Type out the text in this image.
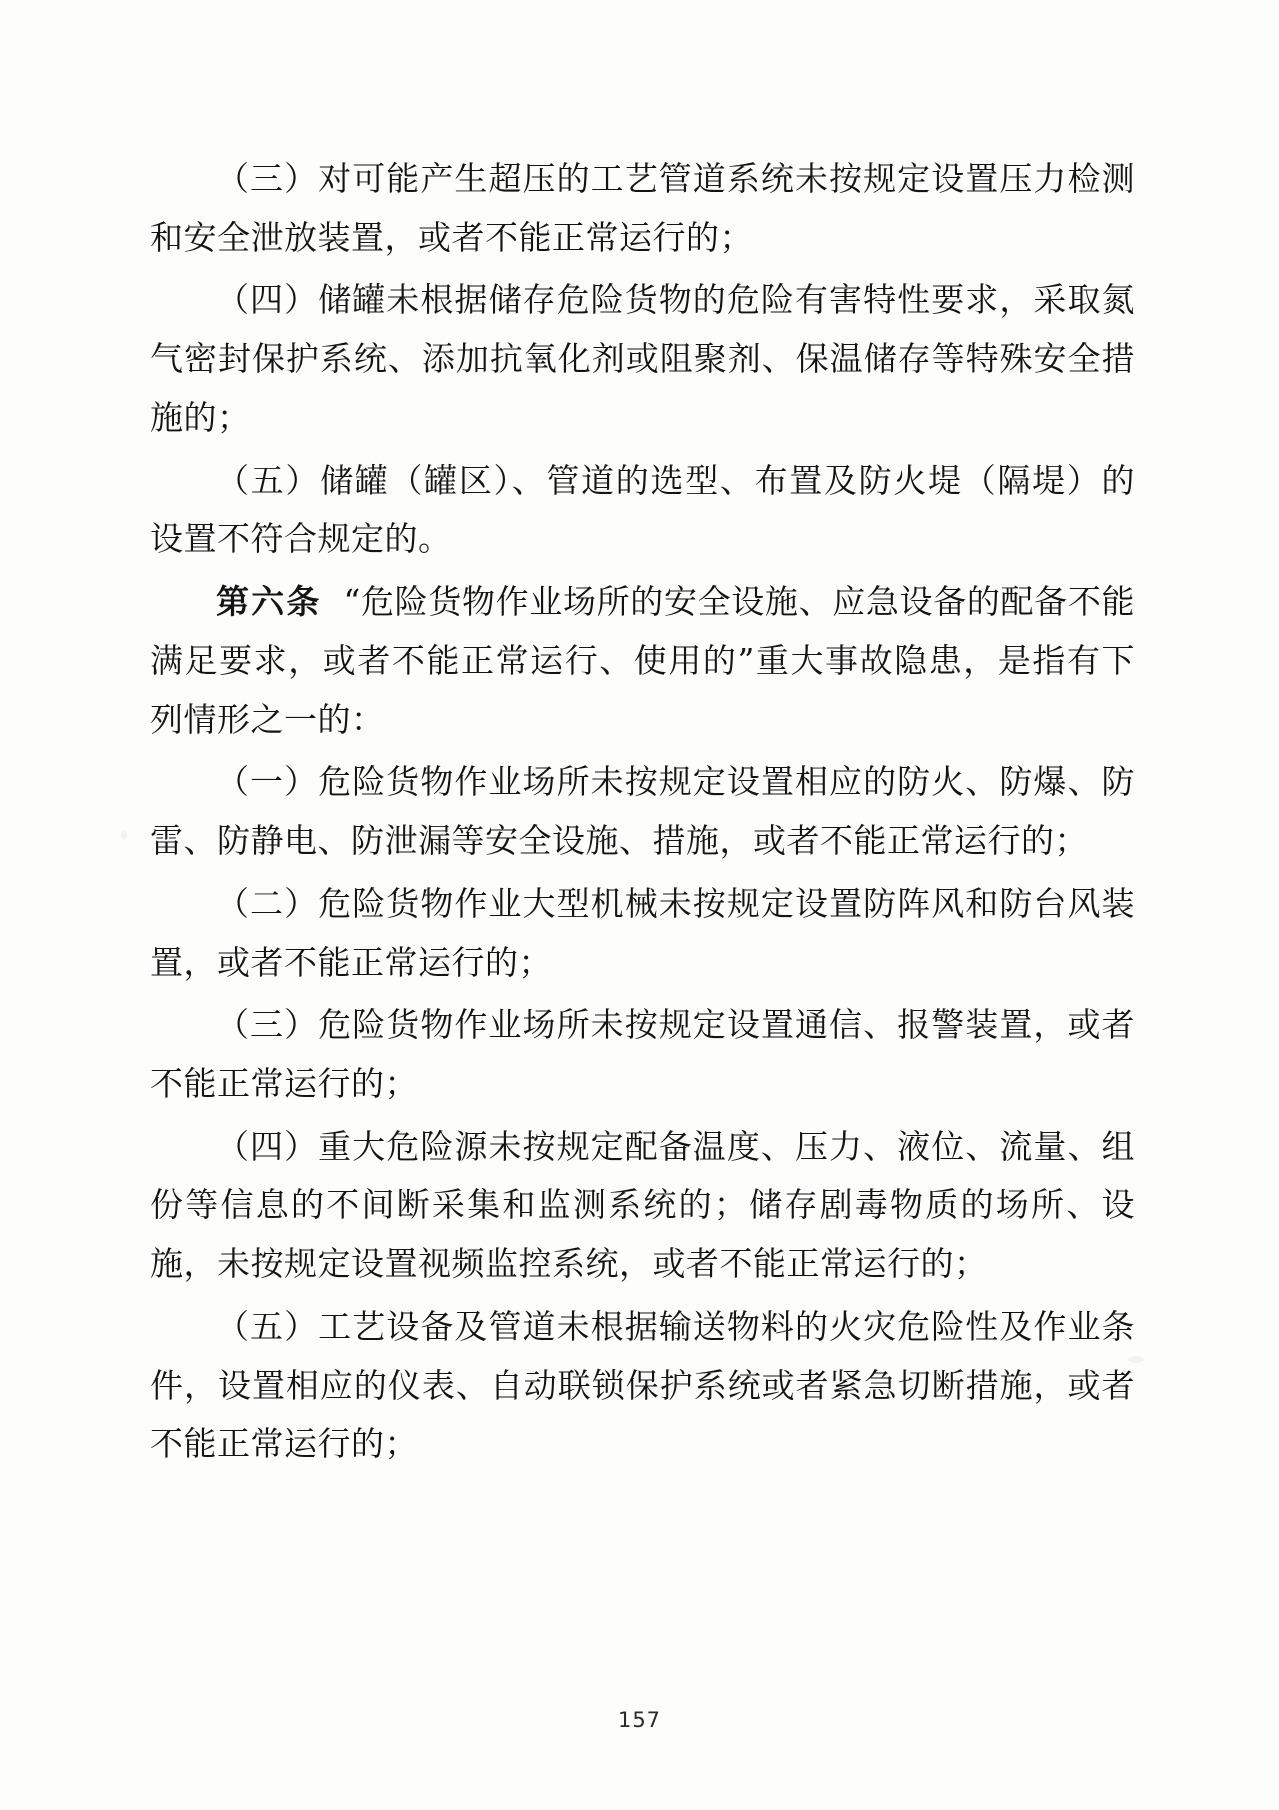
（三）对可能产生超压的工艺管道系统未按规定设置压力检测和安全泄放装置，或者不能正常运行的；

（四）储罐未根据储存危险货物的危险有害特性要求，采取氮气密封保护系统、添加抗氧化剂或阻聚剂、保温储存等特殊安全措施的；

（五）储罐（罐区）、管道的选型、布置及防火堤（隔堤）的设置不符合规定的。

第六条 “危险货物作业场所的安全设施、应急设备的配备不能满足要求，或者不能正常运行、使用的”重大事故隐患，是指有下列情形之一的：

（一）危险货物作业场所未按规定设置相应的防火、防爆、防雷、防静电、防泄漏等安全设施、措施，或者不能正常运行的；

（二）危险货物作业大型机械未按规定设置防阵风和防台风装置，或者不能正常运行的；

（三）危险货物作业场所未按规定设置通信、报警装置，或者不能正常运行的；

（四）重大危险源未按规定配备温度、压力、液位、流量、组份等信息的不间断采集和监测系统的；储存剧毒物质的场所、设施，未按规定设置视频监控系统，或者不能正常运行的；

（五）工艺设备及管道未根据输送物料的火灾危险性及作业条件，设置相应的仪表、自动联锁保护系统或者紧急切断措施，或者不能正常运行的；

157
